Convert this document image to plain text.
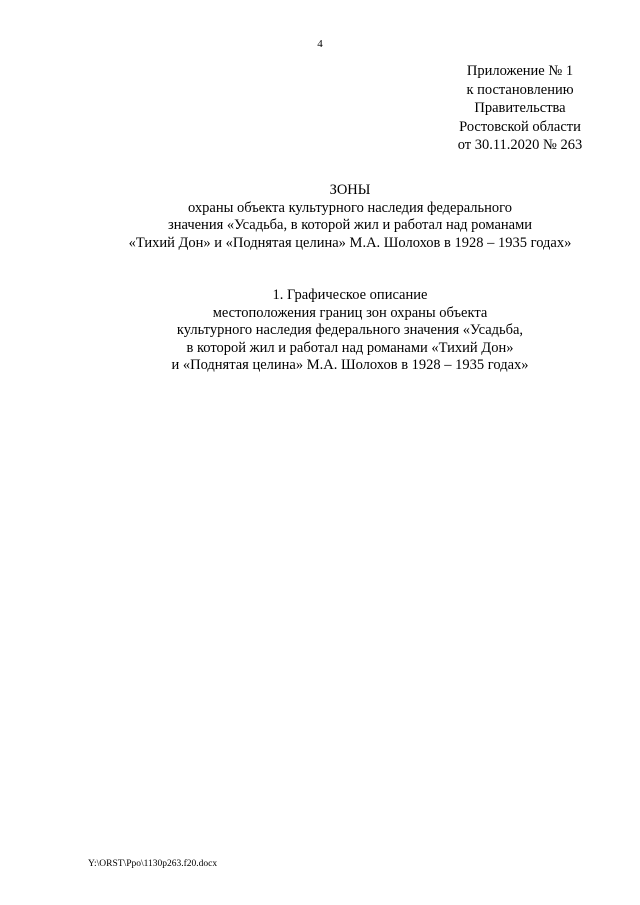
4
Приложение № 1
к постановлению
Правительства
Ростовской области
от 30.11.2020 № 263
ЗОНЫ
охраны объекта культурного наследия федерального
значения «Усадьба, в которой жил и работал над романами
«Тихий Дон» и «Поднятая целина» М.А. Шолохов в 1928 – 1935 годах»
1. Графическое описание
местоположения границ зон охраны объекта
культурного наследия федерального значения «Усадьба,
в которой жил и работал над романами «Тихий Дон»
и «Поднятая целина» М.А. Шолохов в 1928 – 1935 годах»
Y:\ORST\Ppo\1130p263.f20.docx
